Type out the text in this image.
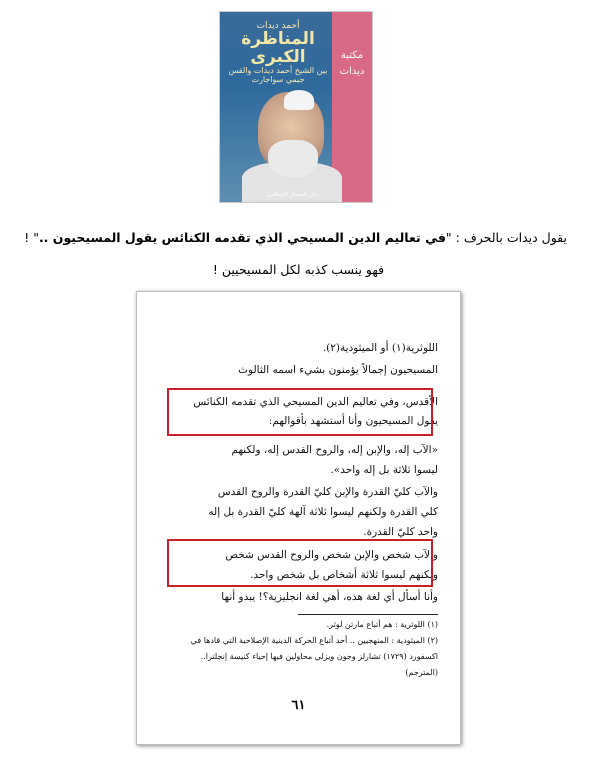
أحمد ديدات
المناظرة الكبرى
بين الشيخ أحمد ديدات والقس جيمي سواجارت
مكتبة ديدات
دار المختار الإسلامي
يقول ديدات بالحرف : "في تعاليم الدين المسيحي الذي تقدمه الكنائس يقول المسيحيون .." !
فهو ينسب كذبه لكل المسيحيين !
اللوثرية(١) أو الميثودية(٢).
المسيحيون إجمالاً يؤمنون بشيء اسمه الثالوث
الأقدس، وفي تعاليم الدين المسيحي الذي تقدمه الكنائس
يقول المسيحيون وأنا أستشهد بأقوالهم:
«الآب إله، والإبن إله، والروح القدس إله، ولكنهم
ليسوا ثلاثة بل إله واحد».
والآب كليّ القدرة والإبن كليّ القدرة والروح القدس
كلي القدرة ولكنهم ليسوا ثلاثة آلهة كليّ القدرة بل إله
واحد كليّ القدرة.
والآب شخص والإبن شخص والروح القدس شخص
ولكنهم ليسوا ثلاثة أشخاص بل شخص واحد.
وأنا أسأل أي لغة هذه، أهي لغة انجليزية؟! يبدو أنها
(١) اللوثرية : هم أتباع مارتن لوثر.
(٢) الميثودية : المنهجيين .. أحد أتباع الحركة الدينية الإصلاحية التي قادها في
اكسفورد (١٧٢٩) تشارلز وجون ويزلي محاولين فيها إحياء كنيسة إنجلترا..
(المترجم)
٦١
